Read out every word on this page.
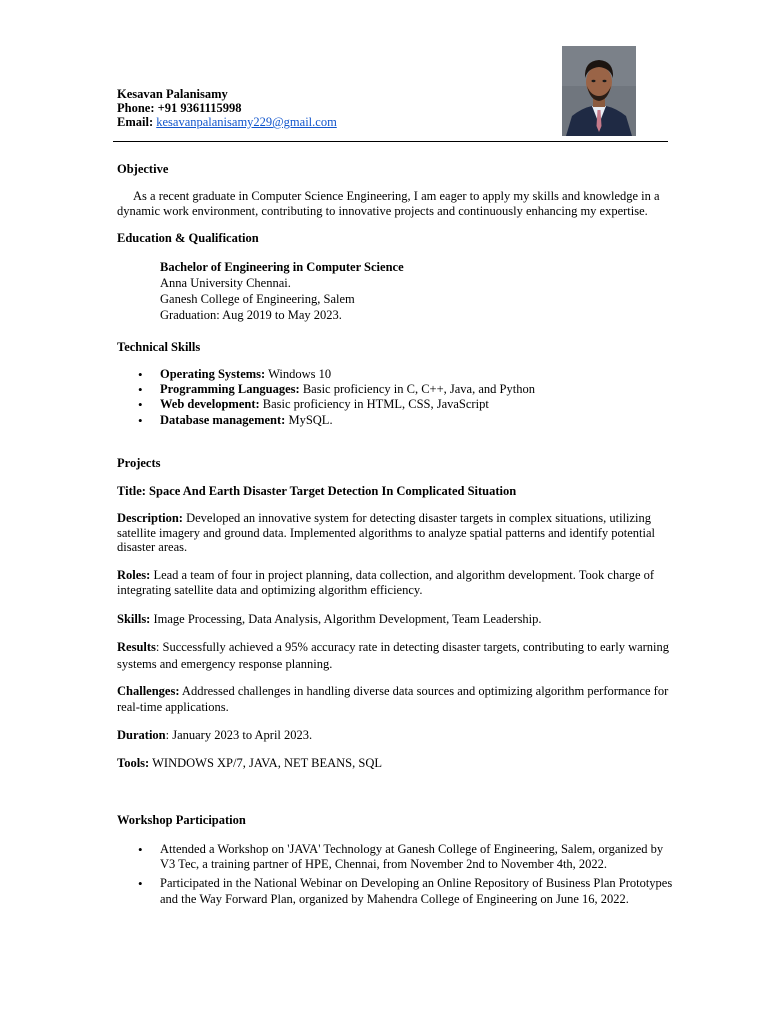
Kesavan Palanisamy
Phone: +91 9361115998
Email: kesavanpalanisamy229@gmail.com
Objective
As a recent graduate in Computer Science Engineering, I am eager to apply my skills and knowledge in a
dynamic work environment, contributing to innovative projects and continuously enhancing my expertise.
Education & Qualification
Bachelor of Engineering in Computer Science
Anna University Chennai.
Ganesh College of Engineering, Salem
Graduation: Aug 2019 to May 2023.
Technical Skills
• Operating Systems: Windows 10
• Programming Languages: Basic proficiency in C, C++, Java, and Python
• Web development: Basic proficiency in HTML, CSS, JavaScript
• Database management: MySQL.
Projects
Title: Space And Earth Disaster Target Detection In Complicated Situation
Description: Developed an innovative system for detecting disaster targets in complex situations, utilizing
satellite imagery and ground data. Implemented algorithms to analyze spatial patterns and identify potential
disaster areas.
Roles: Lead a team of four in project planning, data collection, and algorithm development. Took charge of
integrating satellite data and optimizing algorithm efficiency.
Skills: Image Processing, Data Analysis, Algorithm Development, Team Leadership.
Results: Successfully achieved a 95% accuracy rate in detecting disaster targets, contributing to early warning
systems and emergency response planning.
Challenges: Addressed challenges in handling diverse data sources and optimizing algorithm performance for
real-time applications.
Duration: January 2023 to April 2023.
Tools: WINDOWS XP/7, JAVA, NET BEANS, SQL
Workshop Participation
• Attended a Workshop on 'JAVA' Technology at Ganesh College of Engineering, Salem, organized by
V3 Tec, a training partner of HPE, Chennai, from November 2nd to November 4th, 2022.
• Participated in the National Webinar on Developing an Online Repository of Business Plan Prototypes
and the Way Forward Plan, organized by Mahendra College of Engineering on June 16, 2022.
